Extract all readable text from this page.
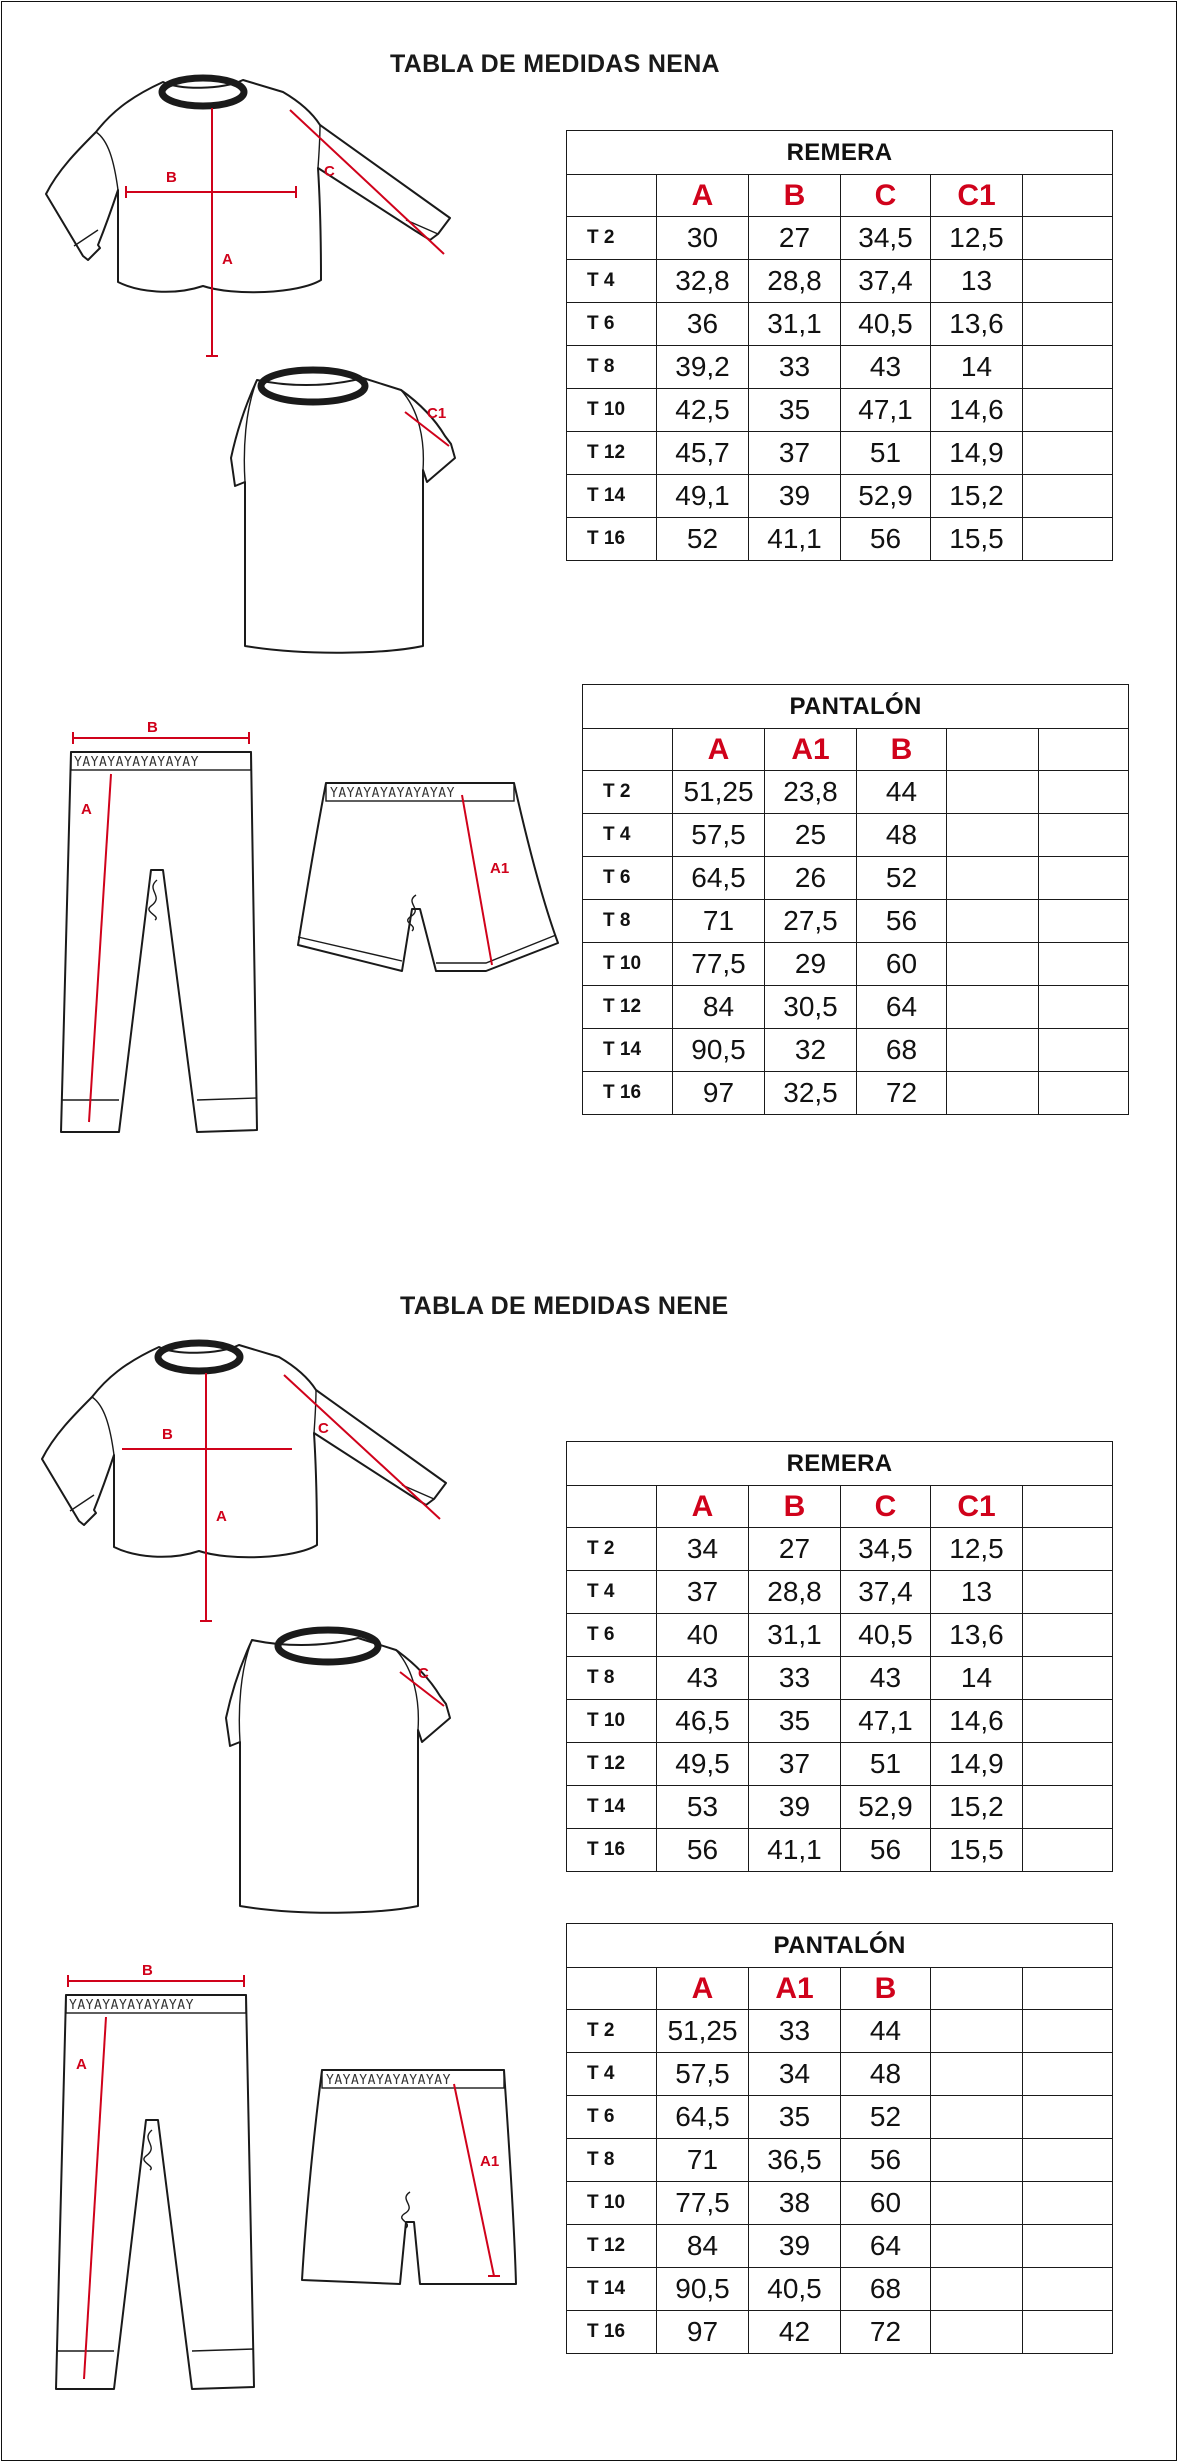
TABLA DE MEDIDAS NENA
B
A
C
C1
REMERA					
	A	B	C	C1	
T 2	30	27	34,5	12,5	
T 4	32,8	28,8	37,4	13	
T 6	36	31,1	40,5	13,6	
T 8	39,2	33	43	14	
T 10	42,5	35	47,1	14,6	
T 12	45,7	37	51	14,9	
T 14	49,1	39	52,9	15,2	
T 16	52	41,1	56	15,5	
YAYAYAYAYAYAYAY
B
A
YAYAYAYAYAYAYAY
A1
PANTALÓN					
	A	A1	B		
T 2	51,25	23,8	44		
T 4	57,5	25	48		
T 6	64,5	26	52		
T 8	71	27,5	56		
T 10	77,5	29	60		
T 12	84	30,5	64		
T 14	90,5	32	68		
T 16	97	32,5	72		
TABLA DE MEDIDAS NENE
B
A
C
C
REMERA					
	A	B	C	C1	
T 2	34	27	34,5	12,5	
T 4	37	28,8	37,4	13	
T 6	40	31,1	40,5	13,6	
T 8	43	33	43	14	
T 10	46,5	35	47,1	14,6	
T 12	49,5	37	51	14,9	
T 14	53	39	52,9	15,2	
T 16	56	41,1	56	15,5	
YAYAYAYAYAYAYAY
B
A
YAYAYAYAYAYAYAY
A1
PANTALÓN					
	A	A1	B		
T 2	51,25	33	44		
T 4	57,5	34	48		
T 6	64,5	35	52		
T 8	71	36,5	56		
T 10	77,5	38	60		
T 12	84	39	64		
T 14	90,5	40,5	68		
T 16	97	42	72		
